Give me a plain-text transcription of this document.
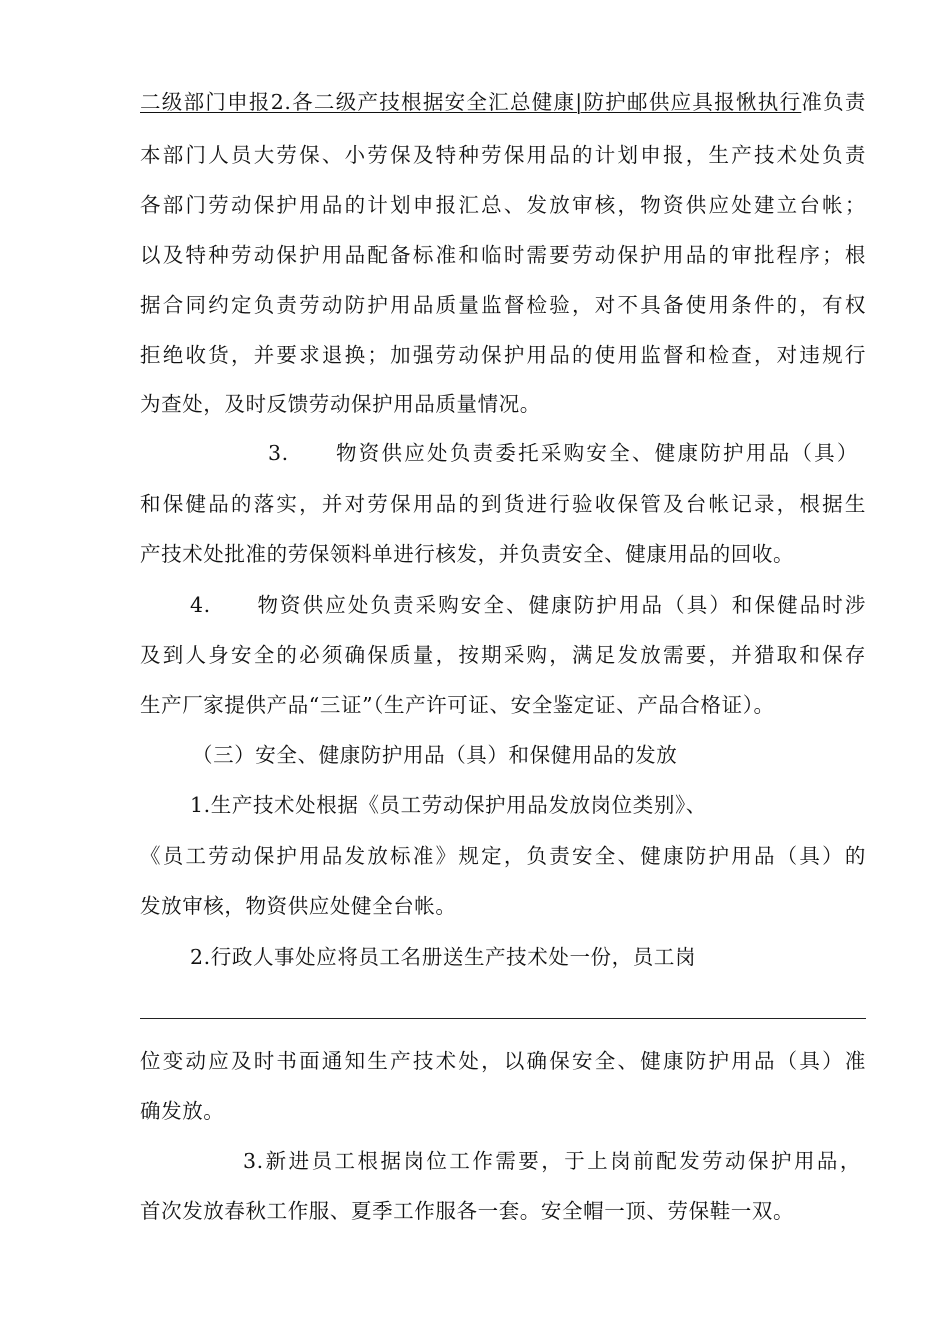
二级部门申报2.各二级产技根据安全汇总健康|防护邮供应具报愀执行准负责
本部门人员大劳保、小劳保及特种劳保用品的计划申报，生产技术处负责
各部门劳动保护用品的计划申报汇总、发放审核，物资供应处建立台帐；
以及特种劳动保护用品配备标准和临时需要劳动保护用品的审批程序；根
据合同约定负责劳动防护用品质量监督检验，对不具备使用条件的，有权
拒绝收货，并要求退换；加强劳动保护用品的使用监督和检查，对违规行
为查处，及时反馈劳动保护用品质量情况。
3.　　物资供应处负责委托采购安全、健康防护用品（具）
和保健品的落实，并对劳保用品的到货进行验收保管及台帐记录，根据生
产技术处批准的劳保领料单进行核发，并负责安全、健康用品的回收。
4.　　物资供应处负责采购安全、健康防护用品（具）和保健品时涉
及到人身安全的必须确保质量，按期采购，满足发放需要，并猎取和保存
生产厂家提供产品“三证”（生产许可证、安全鉴定证、产品合格证）。
（三）安全、健康防护用品（具）和保健用品的发放
1.生产技术处根据《员工劳动保护用品发放岗位类别》、
《员工劳动保护用品发放标准》规定，负责安全、健康防护用品（具）的
发放审核，物资供应处健全台帐。
2.行政人事处应将员工名册送生产技术处一份，员工岗
位变动应及时书面通知生产技术处，以确保安全、健康防护用品（具）准
确发放。
3.新进员工根据岗位工作需要，于上岗前配发劳动保护用品，
首次发放春秋工作服、夏季工作服各一套。安全帽一顶、劳保鞋一双。
